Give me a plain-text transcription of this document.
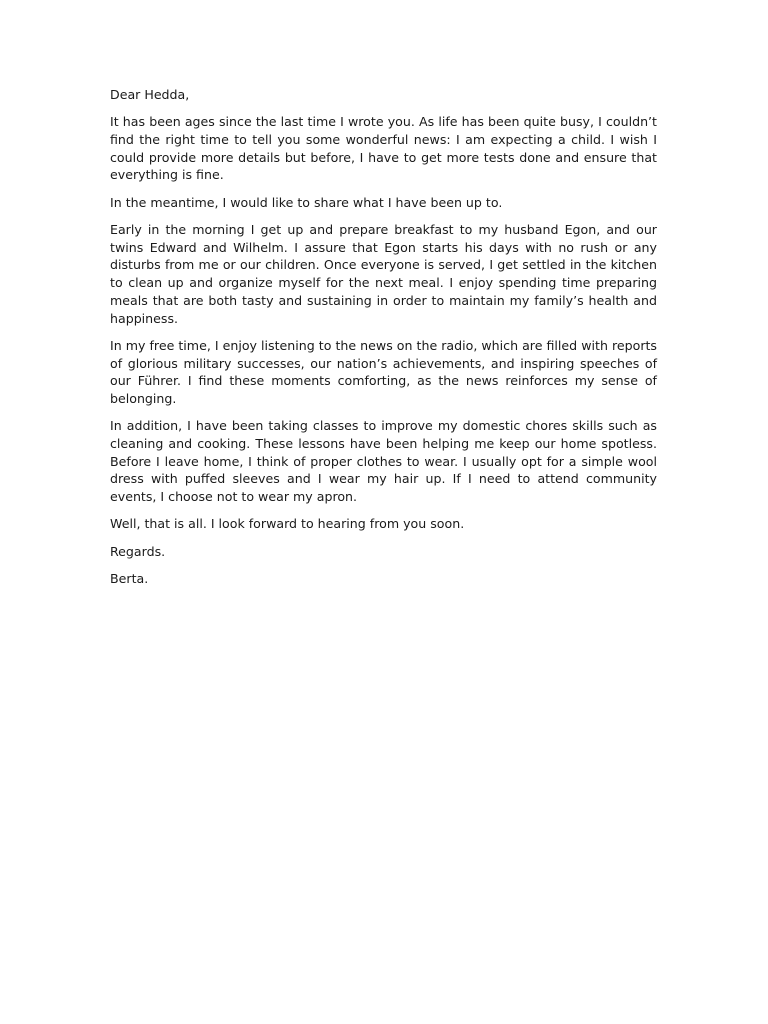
Dear Hedda,

It has been ages since the last time I wrote you. As life has been quite busy, I couldn’t find the right time to tell you some wonderful news: I am expecting a child. I wish I could provide more details but before, I have to get more tests done and ensure that everything is fine.

In the meantime, I would like to share what I have been up to.

Early in the morning I get up and prepare breakfast to my husband Egon, and our twins Edward and Wilhelm. I assure that Egon starts his days with no rush or any disturbs from me or our children. Once everyone is served, I get settled in the kitchen to clean up and organize myself for the next meal. I enjoy spending time preparing meals that are both tasty and sustaining in order to maintain my family’s health and happiness.

In my free time, I enjoy listening to the news on the radio, which are filled with reports of glorious military successes, our nation’s achievements, and inspiring speeches of our Führer. I find these moments comforting, as the news reinforces my sense of belonging.

In addition, I have been taking classes to improve my domestic chores skills such as cleaning and cooking. These lessons have been helping me keep our home spotless. Before I leave home, I think of proper clothes to wear. I usually opt for a simple wool dress with puffed sleeves and I wear my hair up. If I need to attend community events, I choose not to wear my apron.

Well, that is all. I look forward to hearing from you soon.

Regards.

Berta.
